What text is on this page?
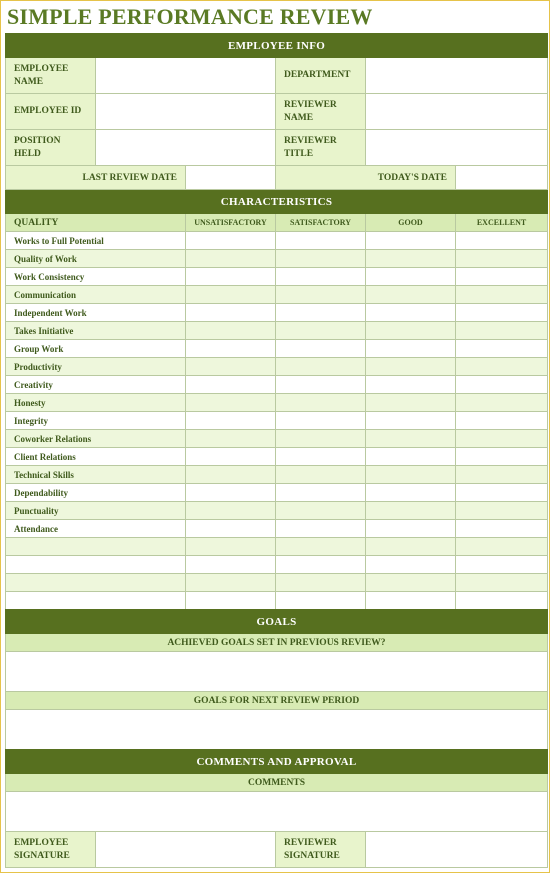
SIMPLE PERFORMANCE REVIEW
EMPLOYEE INFO			
EMPLOYEE NAME		DEPARTMENT	
EMPLOYEE ID		REVIEWER NAME	
POSITION HELD		REVIEWER TITLE	
LAST REVIEW DATE		TODAY'S DATE	
CHARACTERISTICS				
QUALITY	UNSATISFACTORY	SATISFACTORY	GOOD	EXCELLENT
Works to Full Potential				
Quality of Work				
Work Consistency				
Communication				
Independent Work				
Takes Initiative				
Group Work				
Productivity				
Creativity				
Honesty				
Integrity				
Coworker Relations				
Client Relations				
Technical Skills				
Dependability				
Punctuality				
Attendance				

GOALS
ACHIEVED GOALS SET IN PREVIOUS REVIEW?

GOALS FOR NEXT REVIEW PERIOD

COMMENTS AND APPROVAL
COMMENTS

EMPLOYEE SIGNATURE		REVIEWER SIGNATURE	
